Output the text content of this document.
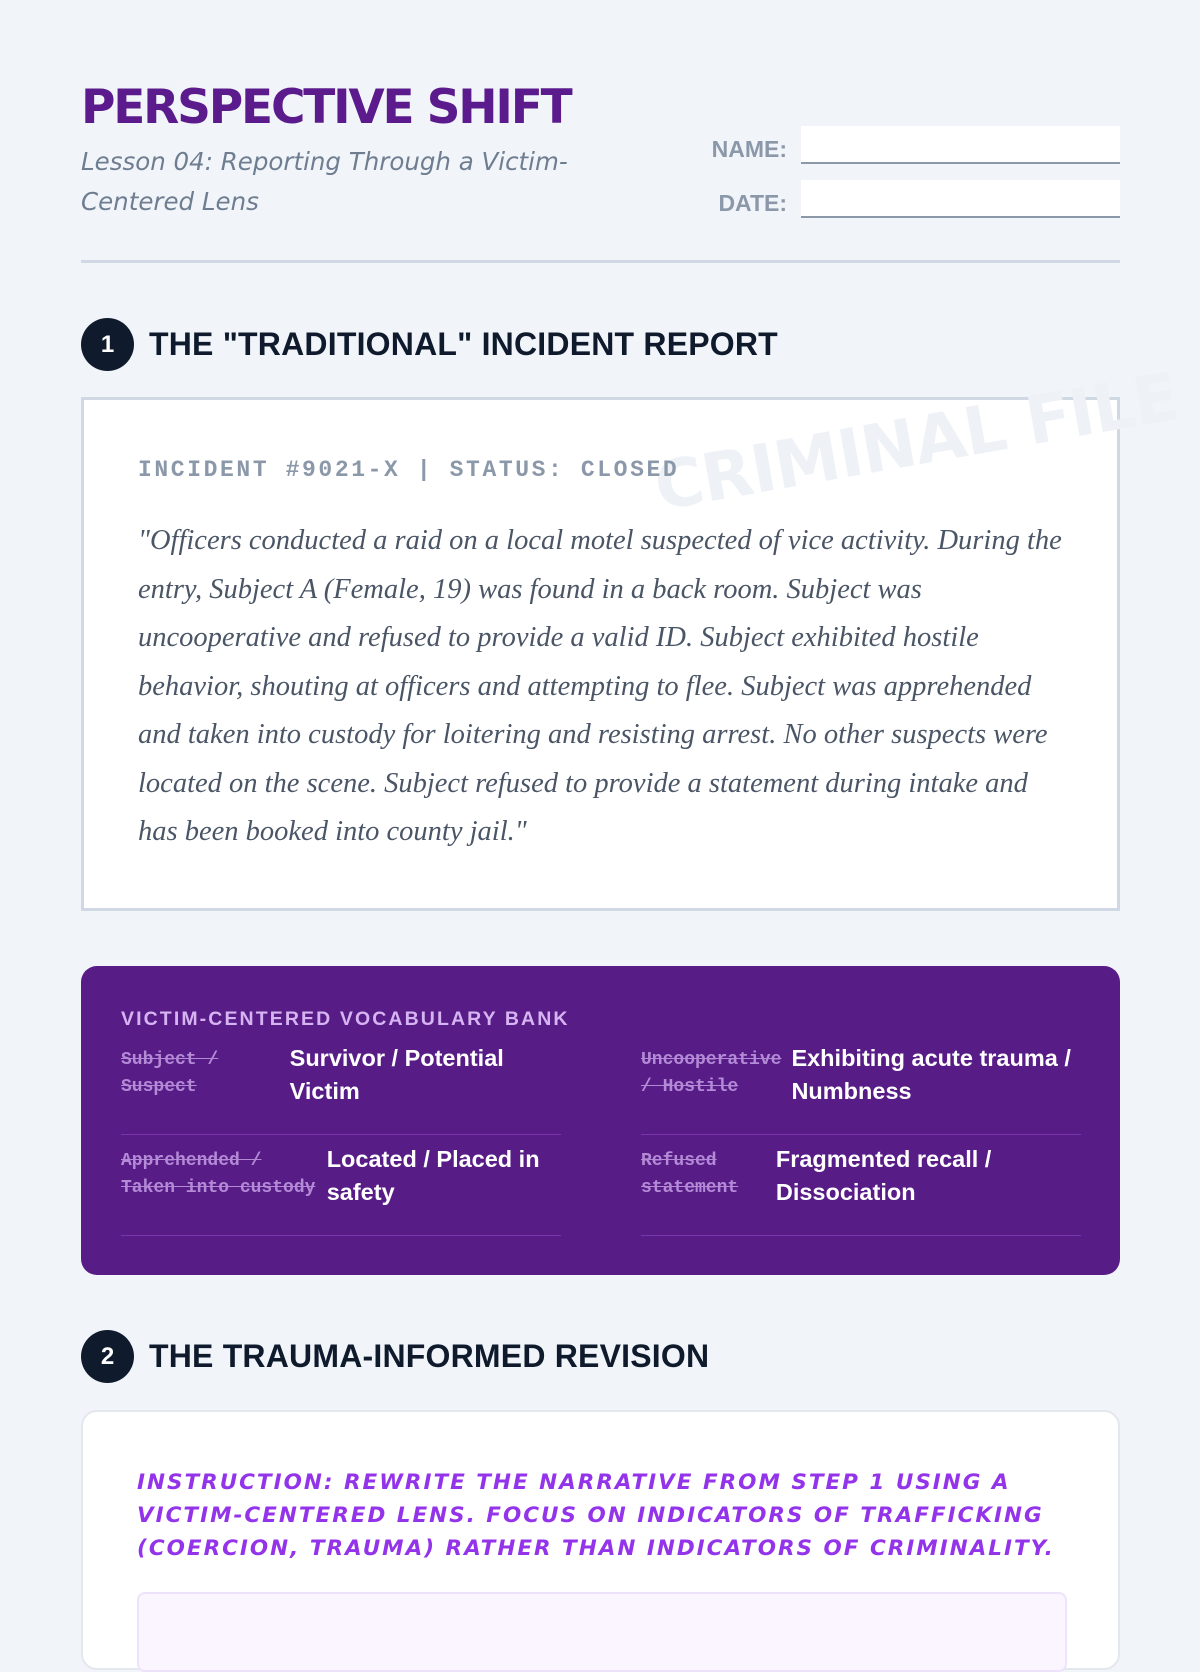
PERSPECTIVE SHIFT

Lesson 04: Reporting Through a Victim-Centered Lens

NAME:
DATE:
1	THE "TRADITIONAL" INCIDENT REPORT
CRIMINAL FILE
INCIDENT #9021-X | STATUS: CLOSED

"Officers conducted a raid on a local motel suspected of vice activity. During the entry, Subject A (Female, 19) was found in a back room. Subject was uncooperative and refused to provide a valid ID. Subject exhibited hostile behavior, shouting at officers and attempting to flee. Subject was apprehended and taken into custody for loitering and resisting arrest. No other suspects were located on the scene. Subject refused to provide a statement during intake and has been booked into county jail."

VICTIM-CENTERED VOCABULARY BANK
Subject / Suspect
Survivor / Potential Victim
Uncooperative / Hostile
Exhibiting acute trauma / Numbness
Apprehended / Taken into custody
Located / Placed in safety
Refused statement
Fragmented recall / Dissociation
2	THE TRAUMA-INFORMED REVISION

INSTRUCTION: REWRITE THE NARRATIVE FROM STEP 1 USING A VICTIM-CENTERED LENS. FOCUS ON INDICATORS OF TRAFFICKING (COERCION, TRAUMA) RATHER THAN INDICATORS OF CRIMINALITY.
